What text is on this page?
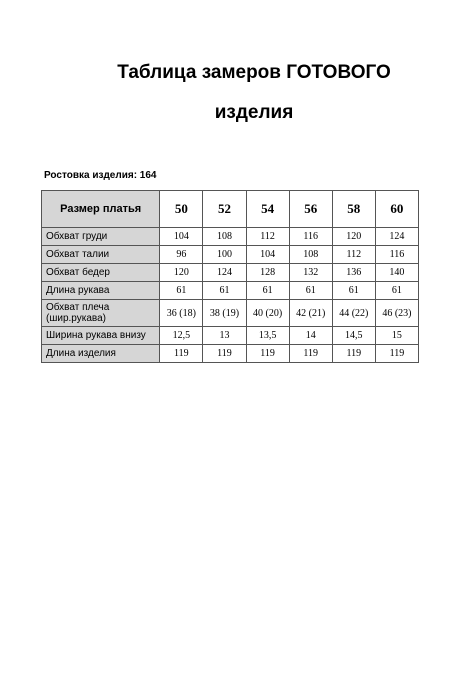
Таблица замеров ГОТОВОГО
изделия
Ростовка изделия: 164
Размер платья	50	52	54	56	58	60
Обхват груди	104	108	112	116	120	124
Обхват талии	96	100	104	108	112	116
Обхват бедер	120	124	128	132	136	140
Длина рукава	61	61	61	61	61	61
Обхват плеча
(шир.рукава)	36 (18)	38 (19)	40 (20)	42 (21)	44 (22)	46 (23)
Ширина рукава внизу	12,5	13	13,5	14	14,5	15
Длина изделия	119	119	119	119	119	119
